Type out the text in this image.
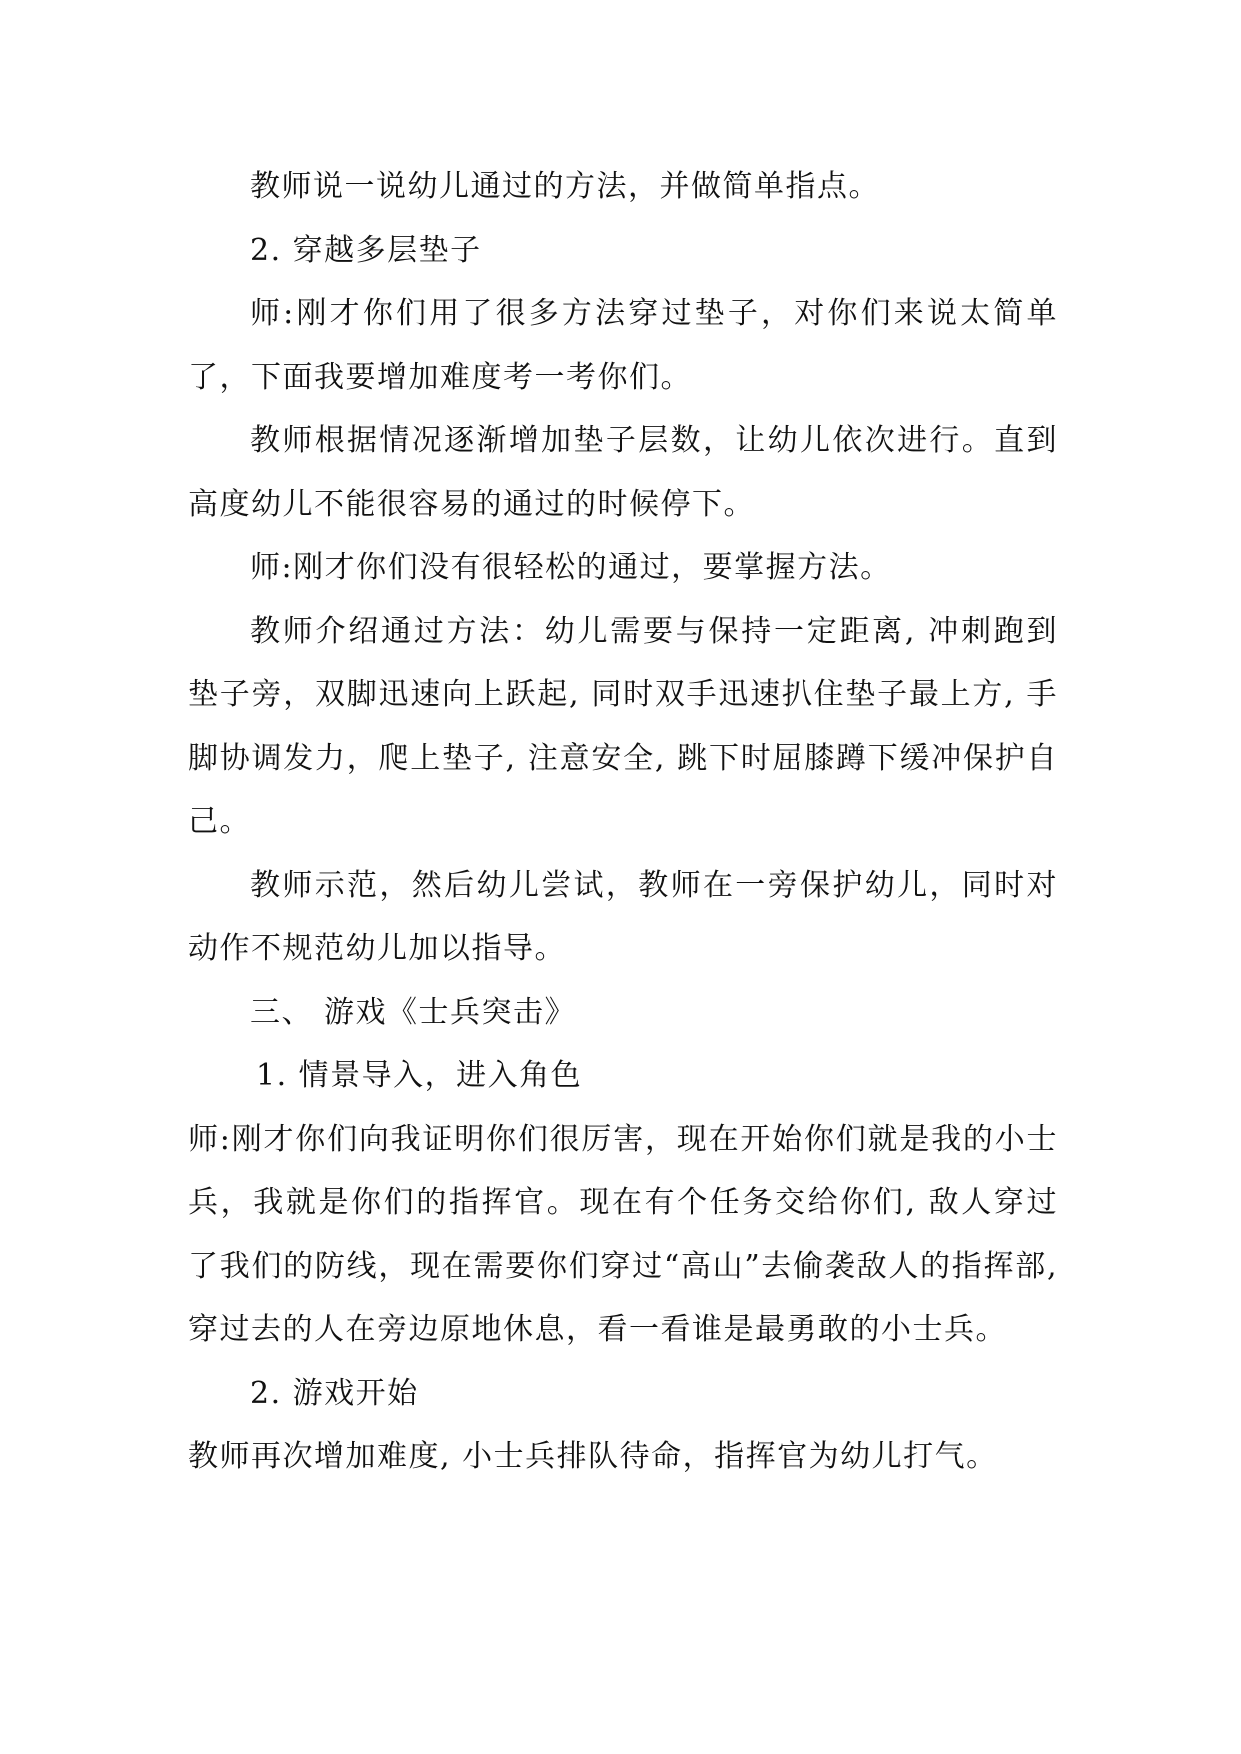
教师说一说幼儿通过的方法，并做简单指点。

2. 穿越多层垫子

师:刚才你们用了很多方法穿过垫子，对你们来说太简单了，下面我要增加难度考一考你们。

教师根据情况逐渐增加垫子层数，让幼儿依次进行。直到高度幼儿不能很容易的通过的时候停下。

师:刚才你们没有很轻松的通过，要掌握方法。

教师介绍通过方法：幼儿需要与保持一定距离, 冲刺跑到垫子旁，双脚迅速向上跃起, 同时双手迅速扒住垫子最上方, 手脚协调发力，爬上垫子, 注意安全, 跳下时屈膝蹲下缓冲保护自己。

教师示范，然后幼儿尝试，教师在一旁保护幼儿，同时对动作不规范幼儿加以指导。

三、 游戏《士兵突击》

1. 情景导入，进入角色

师:刚才你们向我证明你们很厉害，现在开始你们就是我的小士兵，我就是你们的指挥官。现在有个任务交给你们, 敌人穿过了我们的防线，现在需要你们穿过“高山”去偷袭敌人的指挥部, 穿过去的人在旁边原地休息，看一看谁是最勇敢的小士兵。

2. 游戏开始

教师再次增加难度, 小士兵排队待命，指挥官为幼儿打气。
